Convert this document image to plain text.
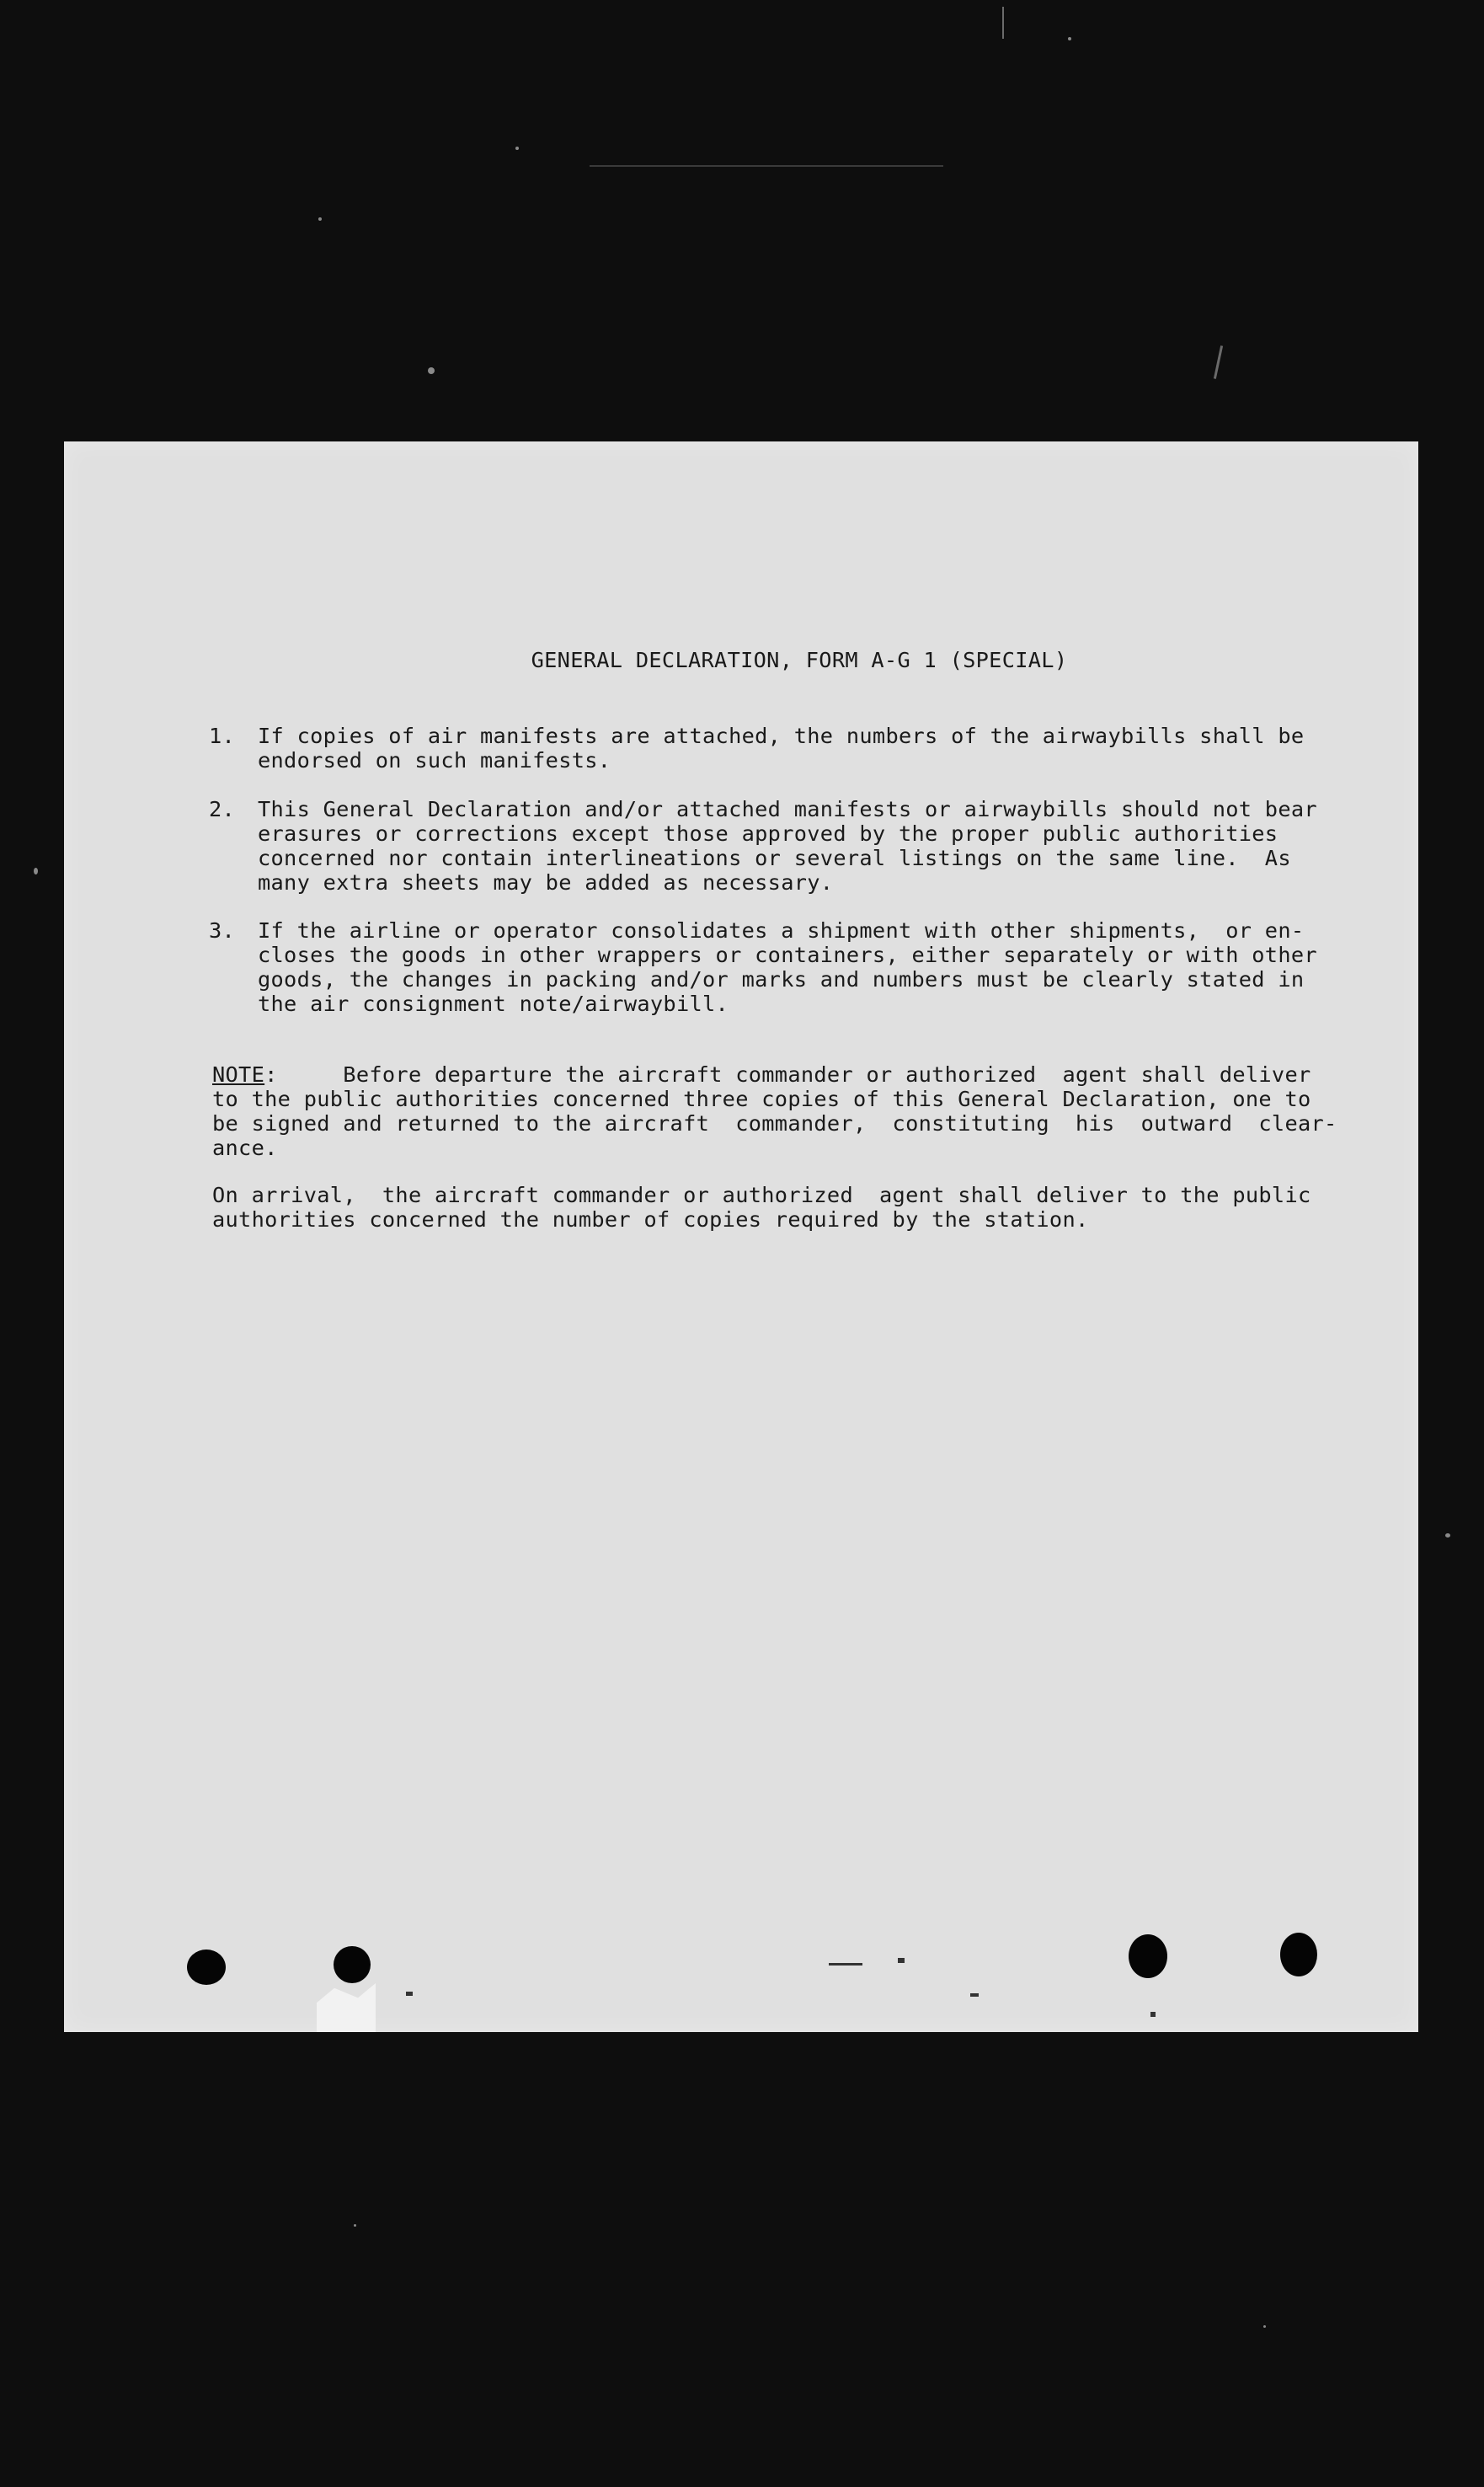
GENERAL DECLARATION, FORM A-G 1 (SPECIAL)
1. If copies of air manifests are attached, the numbers of the airwaybills shall be
endorsed on such manifests.
2. This General Declaration and/or attached manifests or airwaybills should not bear
erasures or corrections except those approved by the proper public authorities
concerned nor contain interlineations or several listings on the same line.  As
many extra sheets may be added as necessary.
3. If the airline or operator consolidates a shipment with other shipments,  or en-
closes the goods in other wrappers or containers, either separately or with other
goods, the changes in packing and/or marks and numbers must be clearly stated in
the air consignment note/airwaybill.
NOTE:     Before departure the aircraft commander or authorized  agent shall deliver
to the public authorities concerned three copies of this General Declaration, one to
be signed and returned to the aircraft  commander,  constituting  his  outward  clear-
ance.
On arrival,  the aircraft commander or authorized  agent shall deliver to the public
authorities concerned the number of copies required by the station.
